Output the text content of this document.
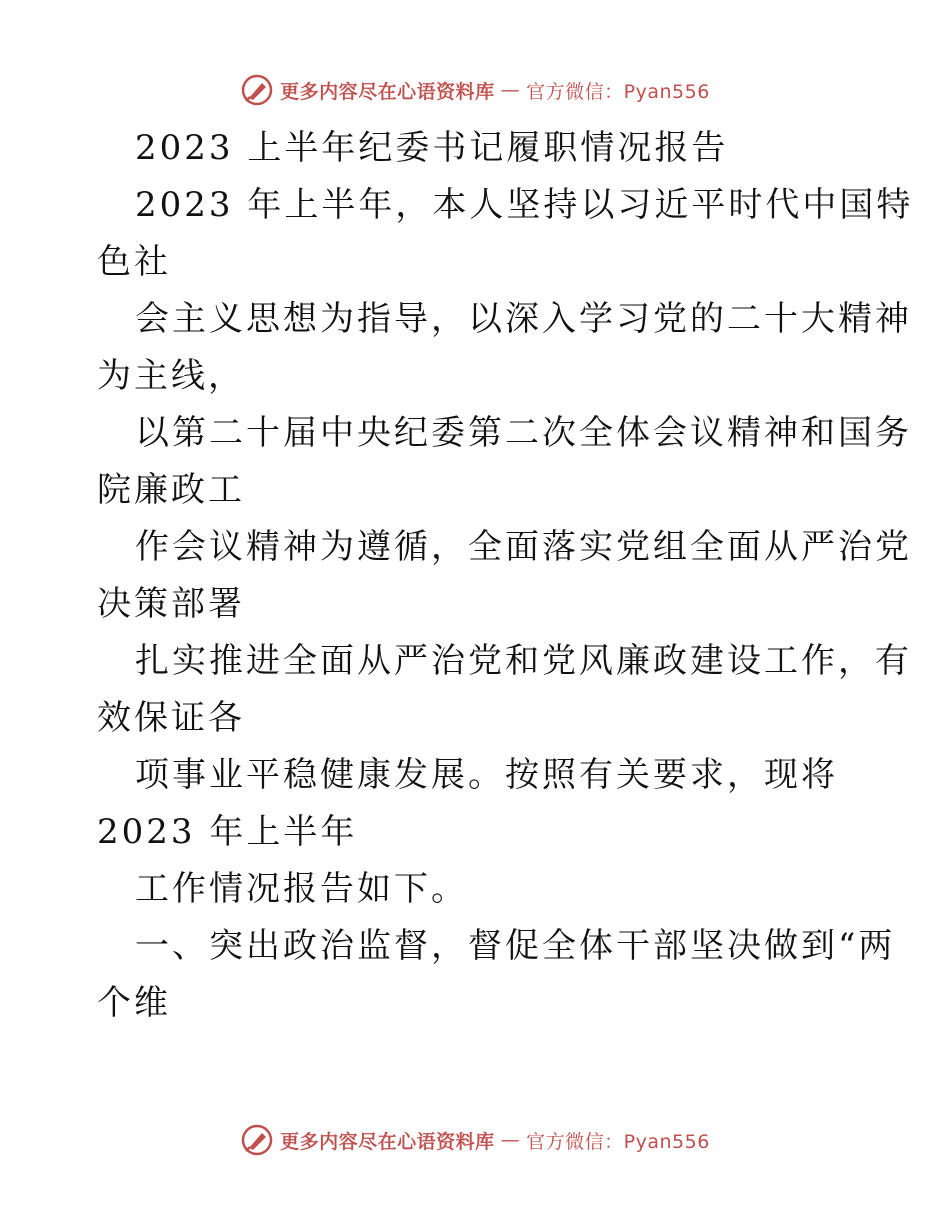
更多内容尽在心语资料库 — 官方微信：Pyan556
2023 上半年纪委书记履职情况报告
2023 年上半年，本人坚持以习近平时代中国特
色社
会主义思想为指导，以深入学习党的二十大精神
为主线，
以第二十届中央纪委第二次全体会议精神和国务
院廉政工
作会议精神为遵循，全面落实党组全面从严治党
决策部署
扎实推进全面从严治党和党风廉政建设工作，有
效保证各
项事业平稳健康发展。按照有关要求，现将
2023 年上半年
工作情况报告如下。
一、突出政治监督，督促全体干部坚决做到“两
个维
更多内容尽在心语资料库 — 官方微信：Pyan556
